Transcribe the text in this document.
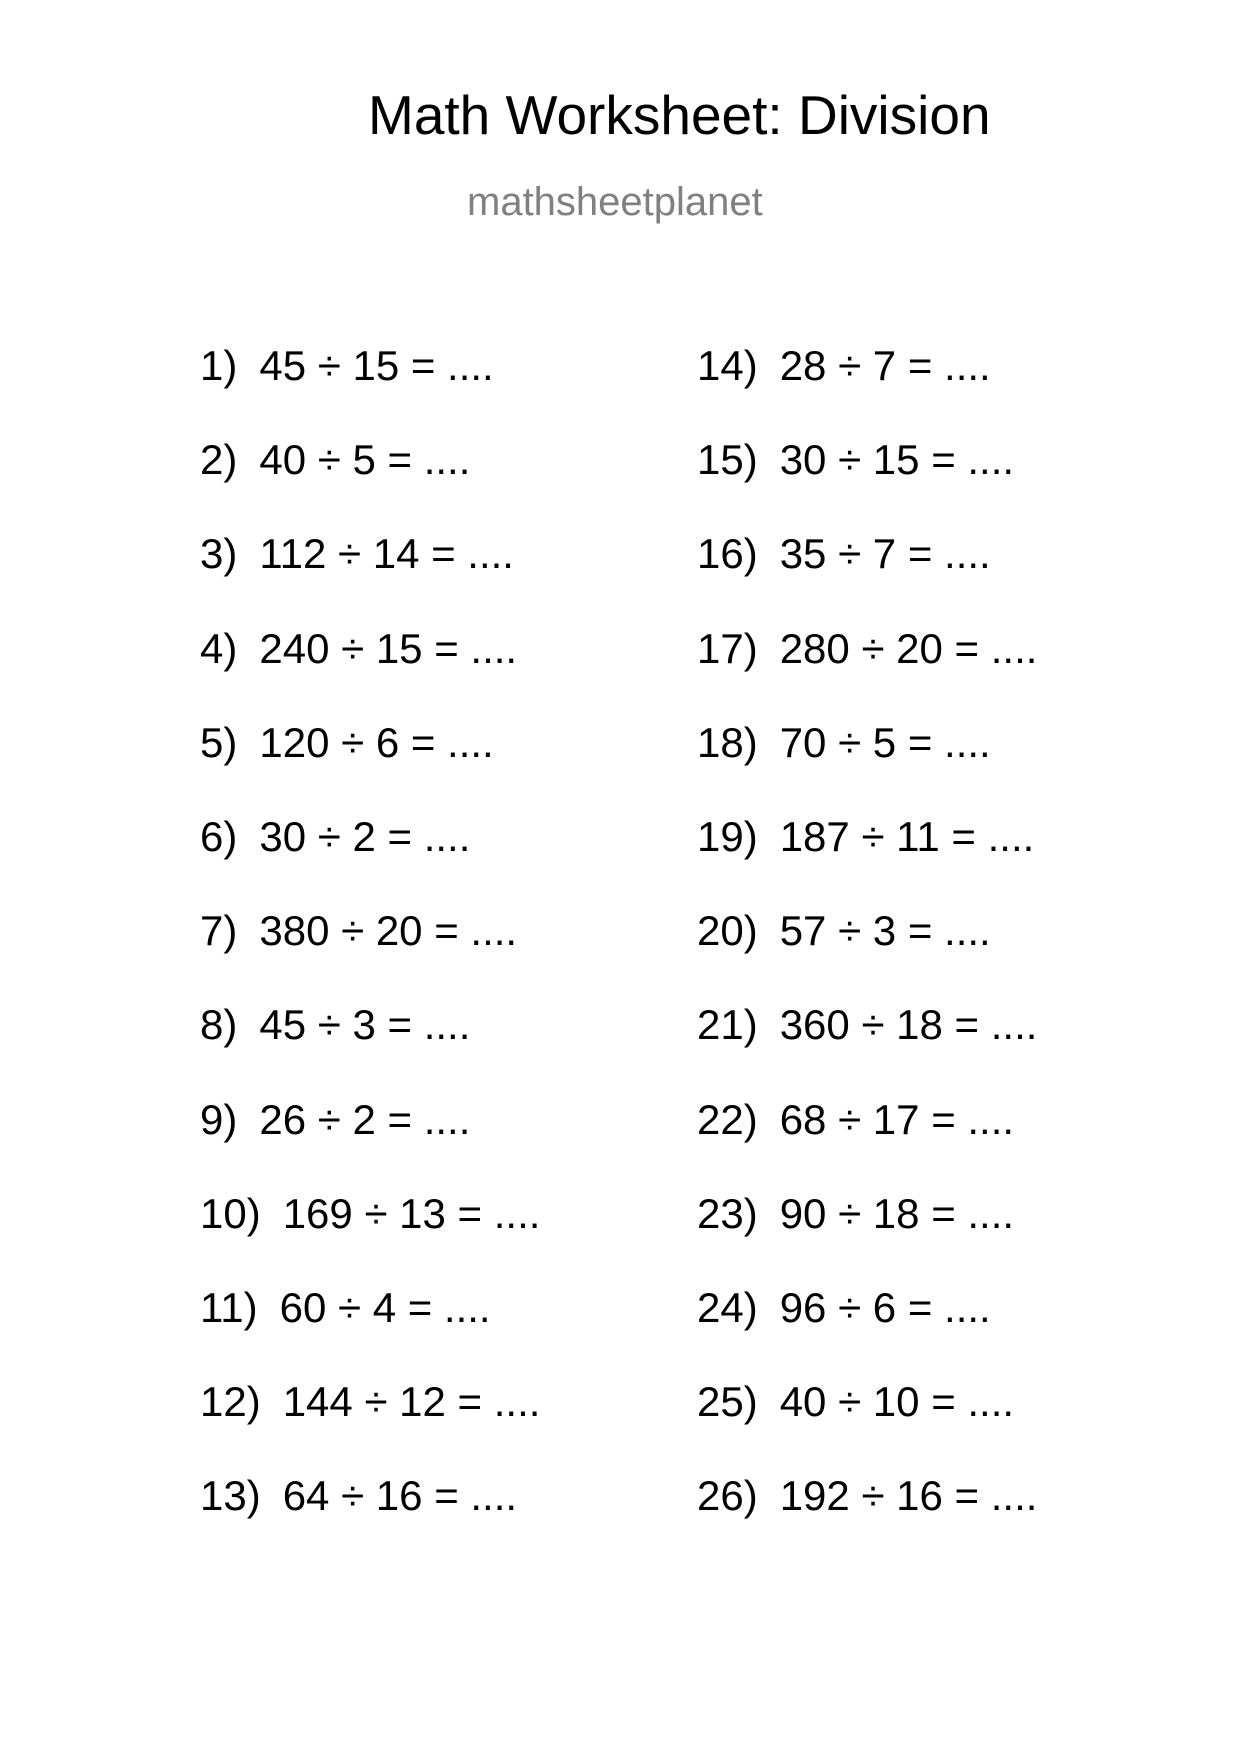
Math Worksheet: Division
mathsheetplanet
1) 45 ÷ 15 = ....
2) 40 ÷ 5 = ....
3) 112 ÷ 14 = ....
4) 240 ÷ 15 = ....
5) 120 ÷ 6 = ....
6) 30 ÷ 2 = ....
7) 380 ÷ 20 = ....
8) 45 ÷ 3 = ....
9) 26 ÷ 2 = ....
10) 169 ÷ 13 = ....
11) 60 ÷ 4 = ....
12) 144 ÷ 12 = ....
13) 64 ÷ 16 = ....
14) 28 ÷ 7 = ....
15) 30 ÷ 15 = ....
16) 35 ÷ 7 = ....
17) 280 ÷ 20 = ....
18) 70 ÷ 5 = ....
19) 187 ÷ 11 = ....
20) 57 ÷ 3 = ....
21) 360 ÷ 18 = ....
22) 68 ÷ 17 = ....
23) 90 ÷ 18 = ....
24) 96 ÷ 6 = ....
25) 40 ÷ 10 = ....
26) 192 ÷ 16 = ....
